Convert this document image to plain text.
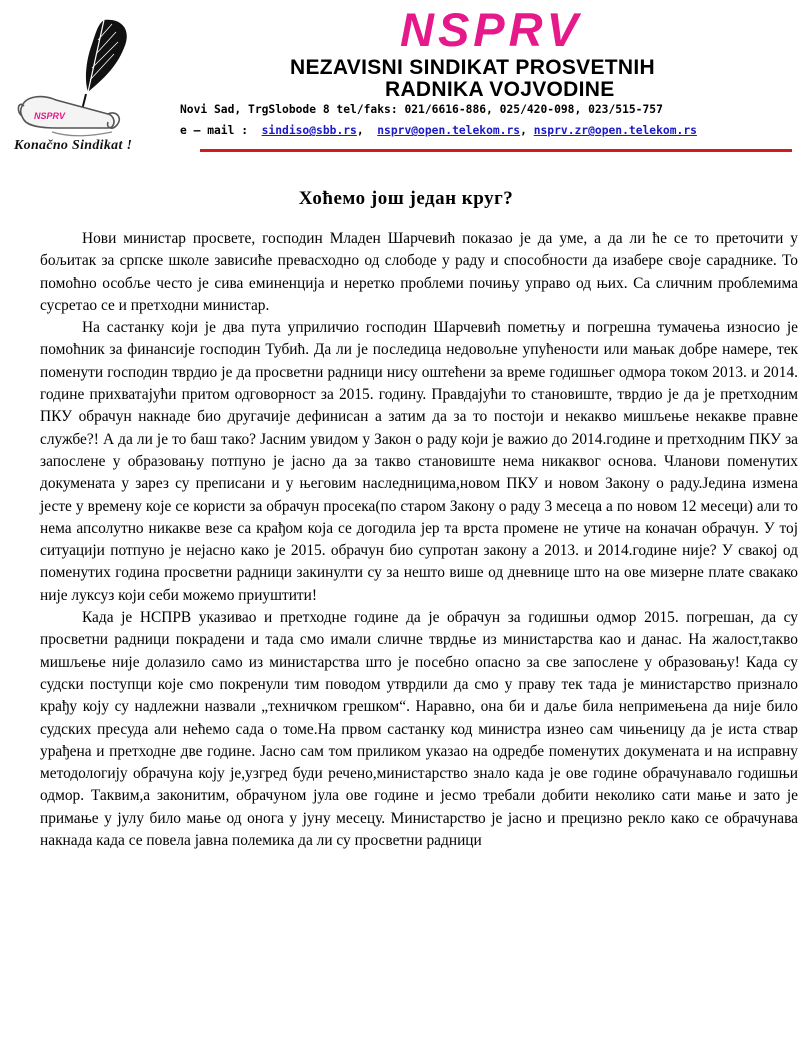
NSPRV
Konačno Sindikat !
NSPRV
NEZAVISNI SINDIKAT PROSVETNIH
RADNIKA VOJVODINE
Novi Sad, TrgSlobode 8 tel/faks: 021/6616-886, 025/420-098, 023/515-757
e – mail : sindiso@sbb.rs,  nsprv@open.telekom.rs, nsprv.zr@open.telekom.rs
Хоћемо још један круг?

Нови министар просвете, господин Младен Шарчевић показао је да уме, а да ли ће се то преточити у бољитак за српске школе зависиће превасходно од слободе у раду и способности да изабере своје сараднике. То помоћно особље често је сива еминенција и неретко проблеми почињу управо од њих. Са сличним проблемима сусретао се и претходни министар.

На састанку који је два пута уприличио господин Шарчевић пометњу и погрешна тумачења износио је помоћник за финансије господин Тубић. Да ли је последица недовољне упућености или мањак добре намере, тек поменути господин тврдио је да просветни радници нису оштећени за време годишњег одмора током 2013. и 2014. године прихватајући притом одговорност за 2015. годину. Правдајући то становиште, тврдио је да је претходним ПКУ обрачун накнаде био другачије дефинисан а затим да за то постоји и некакво мишљење некакве правне службе?! А да ли је то баш тако? Јасним увидом у Закон о раду који је важио до 2014.године и претходним ПКУ за запослене у образовању потпуно је јасно да за такво становиште нема никаквог основа. Чланови поменутих докумената у зарез су преписани и у његовим наследницима,новом ПКУ и новом Закону о раду.Једина измена јесте у времену које се користи за обрачун просека(по старом Закону о раду 3 месеца а по новом 12 месеци) али то нема апсолутно никакве везе са крађом која се догодила јер та врста промене не утиче на коначан обрачун. У тој ситуацији потпуно је нејасно како је 2015. обрачун био супротан закону а 2013. и 2014.године није? У свакој од поменутих година просветни радници закинулти су за нешто више од дневнице што на ове мизерне плате свакако није луксуз који себи можемо приуштити!

Када је НСПРВ указивао и претходне године да је обрачун за годишњи одмор 2015. погрешан, да су просветни радници покрадени и тада смо имали сличне тврдње из министарства као и данас. На жалост,такво мишљење није долазило само из министарства што је посебно опасно за све запослене у образовању! Када су судски поступци које смо покренули тим поводом утврдили да смо у праву тек тада је министарство признало крађу коју су надлежни назвали „техничком грешком“. Наравно, она би и даље била непримењена да није било судских пресуда али нећемо сада о томе.На првом састанку код министра изнео сам чињеницу да је иста ствар урађена и претходне две године. Јасно сам том приликом указао на одредбе поменутих докумената и на исправну методологију обрачуна коју је,узгред буди речено,министарство знало када је ове године обрачунавало годишњи одмор. Таквим,а законитим, обрачуном јула ове године и јесмо требали добити неколико сати мање и зато је примање у јулу било мање од онога у јуну месецу. Министарство је јасно и прецизно рекло како се обрачунава накнада када се повела јавна полемика да ли су просветни радници
